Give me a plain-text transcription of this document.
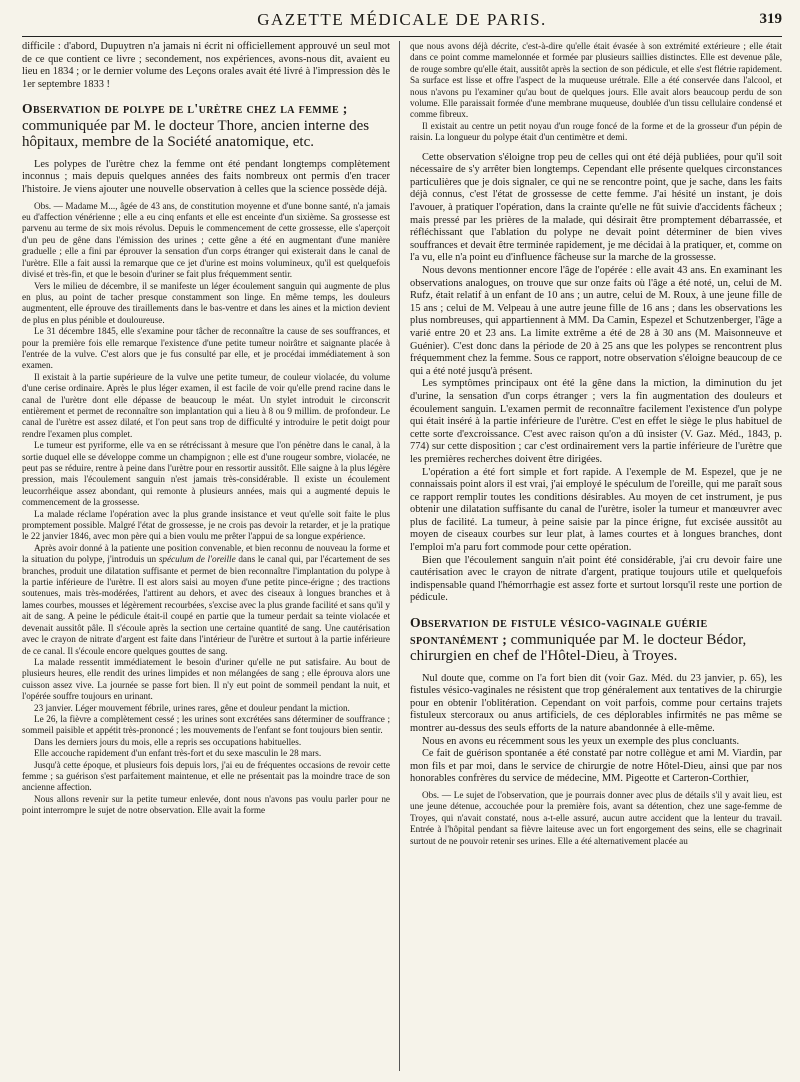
GAZETTE MÉDICALE DE PARIS.	319

difficile : d'abord, Dupuytren n'a jamais ni écrit ni officiellement approuvé un seul mot de ce que contient ce livre ; secondement, nos expériences, avons-nous dit, avaient eu lieu en 1834 ; or le dernier volume des Leçons orales avait été livré à l'impression dès le 1er septembre 1833 !

Observation de polype de l'urètre chez la femme ; communiquée par M. le docteur Thore, ancien interne des hôpitaux, membre de la Société anatomique, etc.

Les polypes de l'urètre chez la femme ont été pendant longtemps complètement inconnus ; mais depuis quelques années des faits nombreux ont permis d'en tracer l'histoire. Je viens ajouter une nouvelle observation à celles que la science possède déjà.

Obs. — Madame M..., âgée de 43 ans, de constitution moyenne et d'une bonne santé, n'a jamais eu d'affection vénérienne ; elle a eu cinq enfants et elle est enceinte d'un sixième. Sa grossesse est parvenu au terme de six mois révolus. Depuis le commencement de cette grossesse, elle s'aperçoit d'un peu de gêne dans l'émission des urines ; cette gêne a été en augmentant d'une manière graduelle ; elle a fini par éprouver la sensation d'un corps étranger qui existerait dans le canal de l'urètre. Elle a fait aussi la remarque que ce jet d'urine est moins volumineux, qu'il est quelquefois divisé et très-fin, et que le besoin d'uriner se fait plus fréquemment sentir.

Vers le milieu de décembre, il se manifeste un léger écoulement sanguin qui augmente de plus en plus, au point de tacher presque constamment son linge. En même temps, les douleurs augmentent, elle éprouve des tiraillements dans le bas-ventre et dans les aines et la miction devient de plus en plus pénible et douloureuse.

Le 31 décembre 1845, elle s'examine pour tâcher de reconnaître la cause de ses souffrances, et pour la première fois elle remarque l'existence d'une petite tumeur noirâtre et saignante placée à l'entrée de la vulve. C'est alors que je fus consulté par elle, et je procédai immédiatement à son examen.

Il existait à la partie supérieure de la vulve une petite tumeur, de couleur violacée, du volume d'une cerise ordinaire. Après le plus léger examen, il est facile de voir qu'elle prend racine dans le canal de l'urètre dont elle dépasse de beaucoup le méat. Un stylet introduit le circonscrit entièrement et permet de reconnaître son implantation qui a lieu à 8 ou 9 millim. de profondeur. Le canal de l'urètre est assez dilaté, et l'on peut sans trop de difficulté y introduire le petit doigt pour rendre l'examen plus complet.

Le tumeur est pyriforme, elle va en se rétrécissant à mesure que l'on pénètre dans le canal, à la sortie duquel elle se développe comme un champignon ; elle est d'une rougeur sombre, violacée, ne peut pas se réduire, rentre à peine dans l'urètre pour en ressortir aussitôt. Elle saigne à la plus légère pression, mais l'écoulement sanguin n'est jamais très-considérable. Il existe un écoulement leucorrhéique assez abondant, qui remonte à plusieurs années, mais qui a augmenté depuis le commencement de la grossesse.

La malade réclame l'opération avec la plus grande insistance et veut qu'elle soit faite le plus promptement possible. Malgré l'état de grossesse, je ne crois pas devoir la retarder, et je la pratique le 22 janvier 1846, avec mon père qui a bien voulu me prêter l'appui de sa longue expérience.

Après avoir donné à la patiente une position convenable, et bien reconnu de nouveau la forme et la situation du polype, j'introduis un spéculum de l'oreille dans le canal qui, par l'écartement de ses branches, produit une dilatation suffisante et permet de bien reconnaître l'implantation du polype à la partie inférieure de l'urètre. Il est alors saisi au moyen d'une petite pince-érigne ; des tractions soutenues, mais très-modérées, l'attirent au dehors, et avec des ciseaux à longues branches et à lames courbes, mousses et légèrement recourbées, s'excise avec la plus grande facilité et sans qu'il y ait de sang. A peine le pédicule était-il coupé en partie que la tumeur perdait sa teinte violacée et devenait aussitôt pâle. Il s'écoule après la section une certaine quantité de sang. Une cautérisation avec le crayon de nitrate d'argent est faite dans l'intérieur de l'urètre et surtout à la partie inférieure de ce canal. Il s'écoule encore quelques gouttes de sang.

La malade ressentit immédiatement le besoin d'uriner qu'elle ne put satisfaire. Au bout de plusieurs heures, elle rendit des urines limpides et non mélangées de sang ; elle éprouva alors une cuisson assez vive. La journée se passe fort bien. Il n'y eut point de sommeil pendant la nuit, et l'opérée souffre toujours en urinant.

23 janvier. Léger mouvement fébrile, urines rares, gêne et douleur pendant la miction.

Le 26, la fièvre a complètement cessé ; les urines sont excrétées sans déterminer de souffrance ; sommeil paisible et appétit très-prononcé ; les mouvements de l'enfant se font toujours bien sentir.

Dans les derniers jours du mois, elle a repris ses occupations habituelles.

Elle accouche rapidement d'un enfant très-fort et du sexe masculin le 28 mars.

Jusqu'à cette époque, et plusieurs fois depuis lors, j'ai eu de fréquentes occasions de revoir cette femme ; sa guérison s'est parfaitement maintenue, et elle ne présentait pas la moindre trace de son ancienne affection.

Nous allons revenir sur la petite tumeur enlevée, dont nous n'avons pas voulu parler pour ne point interrompre le sujet de notre observation. Elle avait la forme

que nous avons déjà décrite, c'est-à-dire qu'elle était évasée à son extrémité extérieure ; elle était dans ce point comme mamelonnée et formée par plusieurs saillies distinctes. Elle est devenue pâle, de rouge sombre qu'elle était, aussitôt après la section de son pédicule, et elle s'est flétrie rapidement. Sa surface est lisse et offre l'aspect de la muqueuse urétrale. Elle a été conservée dans l'alcool, et nous n'avons pu l'examiner qu'au bout de quelques jours. Elle avait alors beaucoup perdu de son volume. Elle paraissait formée d'une membrane muqueuse, doublée d'un tissu cellulaire condensé et comme fibreux.

Il existait au centre un petit noyau d'un rouge foncé de la forme et de la grosseur d'un pépin de raisin. La longueur du polype était d'un centimètre et demi.

Cette observation s'éloigne trop peu de celles qui ont été déjà publiées, pour qu'il soit nécessaire de s'y arrêter bien longtemps. Cependant elle présente quelques circonstances particulières que je dois signaler, ce qui ne se rencontre point, que je sache, dans les faits déjà connus, c'est l'état de grossesse de cette femme. J'ai hésité un instant, je dois l'avouer, à pratiquer l'opération, dans la crainte qu'elle ne fût suivie d'accidents fâcheux ; mais pressé par les prières de la malade, qui désirait être promptement débarrassée, et réfléchissant que l'ablation du polype ne devait point déterminer de bien vives souffrances et devait être terminée rapidement, je me décidai à la pratiquer, et, comme on l'a vu, elle n'a point eu d'influence fâcheuse sur la marche de la grossesse.

Nous devons mentionner encore l'âge de l'opérée : elle avait 43 ans. En examinant les observations analogues, on trouve que sur onze faits où l'âge a été noté, un, celui de M. Rufz, était relatif à un enfant de 10 ans ; un autre, celui de M. Roux, à une jeune fille de 15 ans ; celui de M. Velpeau à une autre jeune fille de 16 ans ; dans les observations les plus nombreuses, qui appartiennent à MM. Da Camin, Espezel et Schutzenberger, l'âge a varié entre 20 et 23 ans. La limite extrême a été de 28 à 30 ans (M. Maisonneuve et Guénier). C'est donc dans la période de 20 à 25 ans que les polypes se rencontrent plus fréquemment chez la femme. Sous ce rapport, notre observation s'éloigne beaucoup de ce qui a été noté jusqu'à présent.

Les symptômes principaux ont été la gêne dans la miction, la diminution du jet d'urine, la sensation d'un corps étranger ; vers la fin augmentation des douleurs et écoulement sanguin. L'examen permit de reconnaître facilement l'existence d'un polype qui était inséré à la partie inférieure de l'urètre. C'est en effet le siège le plus habituel de cette sorte d'excroissance. C'est avec raison qu'on a dû insister (V. Gaz. Méd., 1843, p. 774) sur cette disposition ; car c'est ordinairement vers la partie inférieure de l'urètre que les premières recherches doivent être dirigées.

L'opération a été fort simple et fort rapide. A l'exemple de M. Espezel, que je ne connaissais point alors il est vrai, j'ai employé le spéculum de l'oreille, qui me paraît sous ce rapport remplir toutes les conditions désirables. Au moyen de cet instrument, je pus obtenir une dilatation suffisante du canal de l'urètre, isoler la tumeur et manœuvrer avec plus de facilité. La tumeur, à peine saisie par la pince érigne, fut excisée aussitôt au moyen de ciseaux courbes sur leur plat, à lames courtes et à longues branches, dont l'emploi m'a paru fort commode pour cette opération.

Bien que l'écoulement sanguin n'ait point été considérable, j'ai cru devoir faire une cautérisation avec le crayon de nitrate d'argent, pratique toujours utile et quelquefois indispensable quand l'hémorrhagie est assez forte et surtout lorsqu'il reste une portion de pédicule.

Observation de fistule vésico-vaginale guérie spontanément ; communiquée par M. le docteur Bédor, chirurgien en chef de l'Hôtel-Dieu, à Troyes.

Nul doute que, comme on l'a fort bien dit (voir Gaz. Méd. du 23 janvier, p. 65), les fistules vésico-vaginales ne résistent que trop généralement aux tentatives de la chirurgie pour en obtenir l'oblitération. Cependant on voit parfois, comme pour certains trajets fistuleux stercoraux ou anus artificiels, de ces déplorables infirmités ne pas même se montrer au-dessus des seuls efforts de la nature abandonnée à elle-même.

Nous en avons eu récemment sous les yeux un exemple des plus concluants.

Ce fait de guérison spontanée a été constaté par notre collègue et ami M. Viardin, par mon fils et par moi, dans le service de chirurgie de notre Hôtel-Dieu, ainsi que par nos honorables confrères du service de médecine, MM. Pigeotte et Carteron-Corthier,

Obs. — Le sujet de l'observation, que je pourrais donner avec plus de détails s'il y avait lieu, est une jeune détenue, accouchée pour la première fois, avant sa détention, chez une sage-femme de Troyes, qui n'avait constaté, nous a-t-elle assuré, aucun autre accident que la lenteur du travail. Entrée à l'hôpital pendant sa fièvre laiteuse avec un fort engorgement des seins, elle se chagrinait surtout de ne pouvoir retenir ses urines. Elle a été alternativement placée au
